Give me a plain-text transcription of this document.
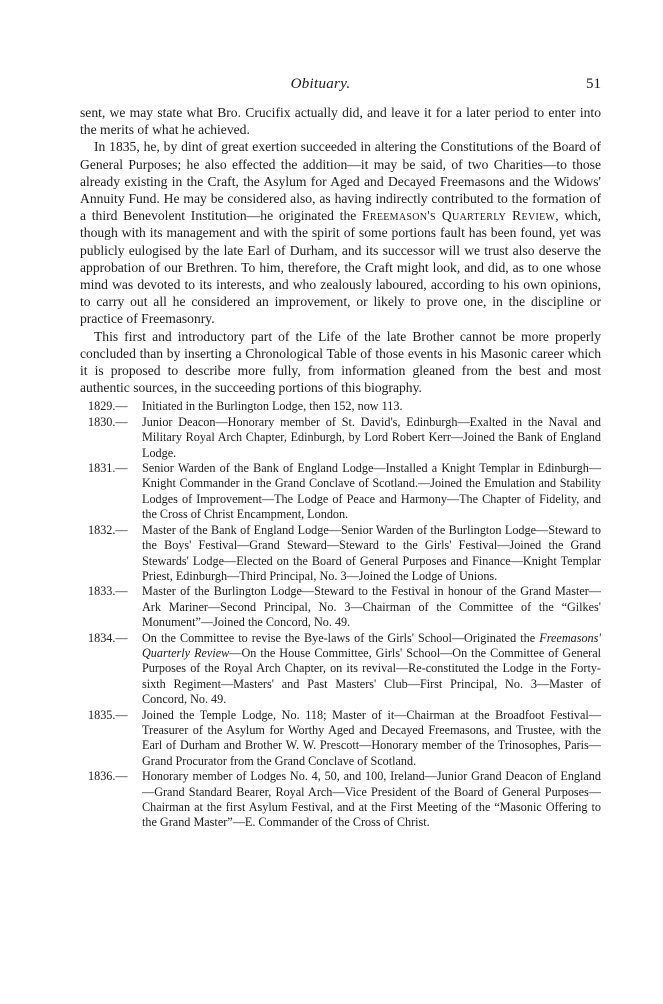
Obituary.	51

sent, we may state what Bro. Crucifix actually did, and leave it for a later period to enter into the merits of what he achieved.

In 1835, he, by dint of great exertion succeeded in altering the Constitutions of the Board of General Purposes; he also effected the addition—it may be said, of two Charities—to those already existing in the Craft, the Asylum for Aged and Decayed Freemasons and the Widows' Annuity Fund. He may be considered also, as having indirectly contributed to the formation of a third Benevolent Institution—he originated the Freemason's Quarterly Review, which, though with its management and with the spirit of some portions fault has been found, yet was publicly eulogised by the late Earl of Durham, and its successor will we trust also deserve the approbation of our Brethren. To him, therefore, the Craft might look, and did, as to one whose mind was devoted to its interests, and who zealously laboured, according to his own opinions, to carry out all he considered an improvement, or likely to prove one, in the discipline or practice of Freemasonry.

This first and introductory part of the Life of the late Brother cannot be more properly concluded than by inserting a Chronological Table of those events in his Masonic career which it is proposed to describe more fully, from information gleaned from the best and most authentic sources, in the succeeding portions of this biography.

1829.—	Initiated in the Burlington Lodge, then 152, now 113.
1830.—	Junior Deacon—Honorary member of St. David's, Edinburgh—Exalted in the Naval and Military Royal Arch Chapter, Edinburgh, by Lord Robert Kerr—Joined the Bank of England Lodge.
1831.—	Senior Warden of the Bank of England Lodge—Installed a Knight Templar in Edinburgh—Knight Commander in the Grand Conclave of Scotland.—Joined the Emulation and Stability Lodges of Improvement—The Lodge of Peace and Harmony—The Chapter of Fidelity, and the Cross of Christ Encampment, London.
1832.—	Master of the Bank of England Lodge—Senior Warden of the Burlington Lodge—Steward to the Boys' Festival—Grand Steward—Steward to the Girls' Festival—Joined the Grand Stewards' Lodge—Elected on the Board of General Purposes and Finance—Knight Templar Priest, Edinburgh—Third Principal, No. 3—Joined the Lodge of Unions.
1833.—	Master of the Burlington Lodge—Steward to the Festival in honour of the Grand Master—Ark Mariner—Second Principal, No. 3—Chairman of the Committee of the “Gilkes' Monument”—Joined the Concord, No. 49.
1834.—	On the Committee to revise the Bye-laws of the Girls' School—Originated the Freemasons' Quarterly Review—On the House Committee, Girls' School—On the Committee of General Purposes of the Royal Arch Chapter, on its revival—Re-constituted the Lodge in the Forty-sixth Regiment—Masters' and Past Masters' Club—First Principal, No. 3—Master of Concord, No. 49.
1835.—	Joined the Temple Lodge, No. 118; Master of it—Chairman at the Broadfoot Festival—Treasurer of the Asylum for Worthy Aged and Decayed Freemasons, and Trustee, with the Earl of Durham and Brother W. W. Prescott—Honorary member of the Trinosophes, Paris—Grand Procurator from the Grand Conclave of Scotland.
1836.—	Honorary member of Lodges No. 4, 50, and 100, Ireland—Junior Grand Deacon of England—Grand Standard Bearer, Royal Arch—Vice President of the Board of General Purposes—Chairman at the first Asylum Festival, and at the First Meeting of the “Masonic Offering to the Grand Master”—E. Commander of the Cross of Christ.
